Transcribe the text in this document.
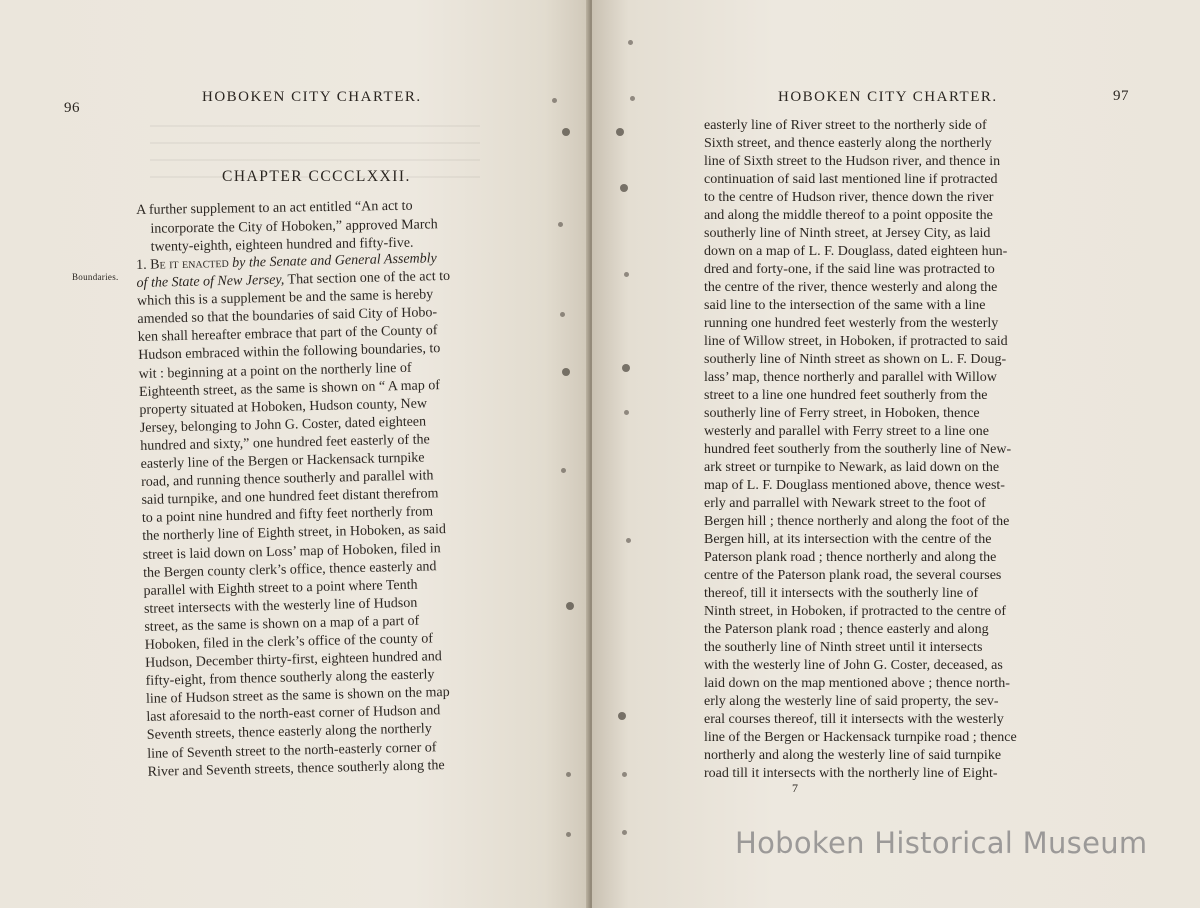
96
HOBOKEN CITY CHARTER.
CHAPTER CCCCLXXII.
A further supplement to an act entitled “An act to
incorporate the City of Hoboken,” approved March
twenty-eighth, eighteen hundred and fifty-five.
Boundaries.
1. Be it enacted by the Senate and General Assembly
of the State of New Jersey, That section one of the act to
which this is a supplement be and the same is hereby
amended so that the boundaries of said City of Hobo-
ken shall hereafter embrace that part of the County of
Hudson embraced within the following boundaries, to
wit : beginning at a point on the northerly line of
Eighteenth street, as the same is shown on “ A map of
property situated at Hoboken, Hudson county, New
Jersey, belonging to John G. Coster, dated eighteen
hundred and sixty,” one hundred feet easterly of the
easterly line of the Bergen or Hackensack turnpike
road, and running thence southerly and parallel with
said turnpike, and one hundred feet distant therefrom
to a point nine hundred and fifty feet northerly from
the northerly line of Eighth street, in Hoboken, as said
street is laid down on Loss’ map of Hoboken, filed in
the Bergen county clerk’s office, thence easterly and
parallel with Eighth street to a point where Tenth
street intersects with the westerly line of Hudson
street, as the same is shown on a map of a part of
Hoboken, filed in the clerk’s office of the county of
Hudson, December thirty-first, eighteen hundred and
fifty-eight, from thence southerly along the easterly
line of Hudson street as the same is shown on the map
last aforesaid to the north-east corner of Hudson and
Seventh streets, thence easterly along the northerly
line of Seventh street to the north-easterly corner of
River and Seventh streets, thence southerly along the
HOBOKEN CITY CHARTER.	97
easterly line of River street to the northerly side of
Sixth street, and thence easterly along the northerly
line of Sixth street to the Hudson river, and thence in
continuation of said last mentioned line if protracted
to the centre of Hudson river, thence down the river
and along the middle thereof to a point opposite the
southerly line of Ninth street, at Jersey City, as laid
down on a map of L. F. Douglass, dated eighteen hun-
dred and forty-one, if the said line was protracted to
the centre of the river, thence westerly and along the
said line to the intersection of the same with a line
running one hundred feet westerly from the westerly
line of Willow street, in Hoboken, if protracted to said
southerly line of Ninth street as shown on L. F. Doug-
lass’ map, thence northerly and parallel with Willow
street to a line one hundred feet southerly from the
southerly line of Ferry street, in Hoboken, thence
westerly and parallel with Ferry street to a line one
hundred feet southerly from the southerly line of New-
ark street or turnpike to Newark, as laid down on the
map of L. F. Douglass mentioned above, thence west-
erly and parrallel with Newark street to the foot of
Bergen hill ; thence northerly and along the foot of the
Bergen hill, at its intersection with the centre of the
Paterson plank road ; thence northerly and along the
centre of the Paterson plank road, the several courses
thereof, till it intersects with the southerly line of
Ninth street, in Hoboken, if protracted to the centre of
the Paterson plank road ; thence easterly and along
the southerly line of Ninth street until it intersects
with the westerly line of John G. Coster, deceased, as
laid down on the map mentioned above ; thence north-
erly along the westerly line of said property, the sev-
eral courses thereof, till it intersects with the westerly
line of the Bergen or Hackensack turnpike road ; thence
northerly and along the westerly line of said turnpike
road till it intersects with the northerly line of Eight-
7
Hoboken Historical Museum
